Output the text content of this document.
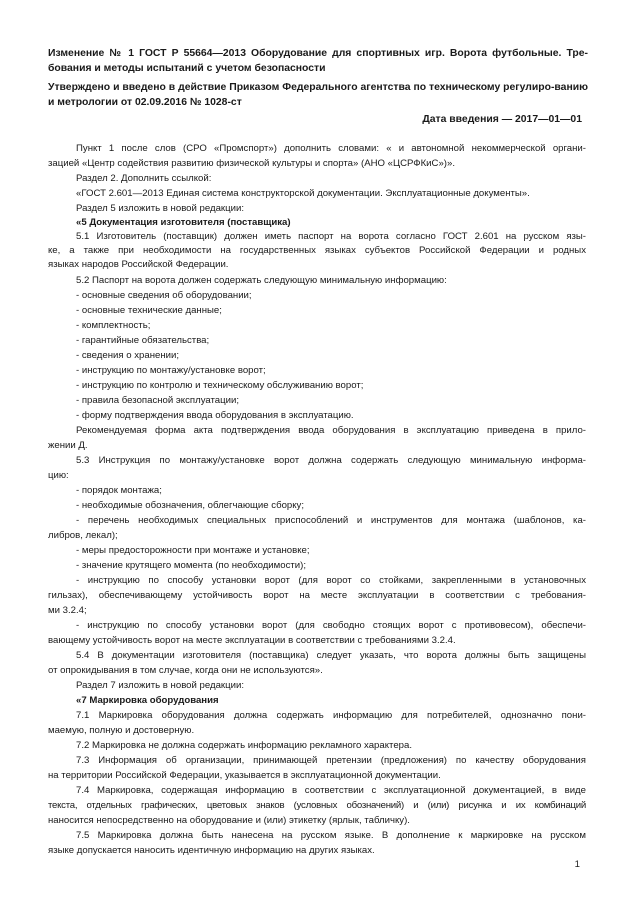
Изменение № 1 ГОСТ Р 55664—2013 Оборудование для спортивных игр. Ворота футбольные. Тре-бования и методы испытаний с учетом безопасности
Утверждено и введено в действие Приказом Федерального агентства по техническому регулиро-ванию и метрологии от 02.09.2016 № 1028-ст
Дата введения — 2017—01—01
Пункт 1 после слов (СРО «Промспорт») дополнить словами: « и автономной некоммерческой органи-
зацией «Центр содействия развитию физической культуры и спорта» (АНО «ЦСРФКиС»)».
Раздел 2. Дополнить ссылкой:
«ГОСТ 2.601—2013 Единая система конструкторской документации. Эксплуатационные документы».
Раздел 5 изложить в новой редакции:
«5 Документация изготовителя (поставщика)
5.1 Изготовитель (поставщик) должен иметь паспорт на ворота согласно ГОСТ 2.601 на русском язы-
ке, а также при необходимости на государственных языках субъектов Российской Федерации и родных
языках народов Российской Федерации.
5.2 Паспорт на ворота должен содержать следующую минимальную информацию:
- основные сведения об оборудовании;
- основные технические данные;
- комплектность;
- гарантийные обязательства;
- сведения о хранении;
- инструкцию по монтажу/установке ворот;
- инструкцию по контролю и техническому обслуживанию ворот;
- правила безопасной эксплуатации;
- форму подтверждения ввода оборудования в эксплуатацию.
Рекомендуемая форма акта подтверждения ввода оборудования в эксплуатацию приведена в прило-
жении Д.
5.3 Инструкция по монтажу/установке ворот должна содержать следующую минимальную информа-
цию:
- порядок монтажа;
- необходимые обозначения, облегчающие сборку;
- перечень необходимых специальных приспособлений и инструментов для монтажа (шаблонов, ка-
либров, лекал);
- меры предосторожности при монтаже и установке;
- значение крутящего момента (по необходимости);
- инструкцию по способу установки ворот (для ворот со стойками, закрепленными в установочных
гильзах), обеспечивающему устойчивость ворот на месте эксплуатации в соответствии с требования-
ми 3.2.4;
- инструкцию по способу установки ворот (для свободно стоящих ворот с противовесом), обеспечи-
вающему устойчивость ворот на месте эксплуатации в соответствии с требованиями 3.2.4.
5.4 В документации изготовителя (поставщика) следует указать, что ворота должны быть защищены
от опрокидывания в том случае, когда они не используются».
Раздел 7 изложить в новой редакции:
«7 Маркировка оборудования
7.1 Маркировка оборудования должна содержать информацию для потребителей, однозначно пони-
маемую, полную и достоверную.
7.2 Маркировка не должна содержать информацию рекламного характера.
7.3 Информация об организации, принимающей претензии (предложения) по качеству оборудования
на территории Российской Федерации, указывается в эксплуатационной документации.
7.4 Маркировка, содержащая информацию в соответствии с эксплуатационной документацией, в виде
текста, отдельных графических, цветовых знаков (условных обозначений) и (или) рисунка и их комбинаций
наносится непосредственно на оборудование и (или) этикетку (ярлык, табличку).
7.5 Маркировка должна быть нанесена на русском языке. В дополнение к маркировке на русском
языке допускается наносить идентичную информацию на других языках.
1
